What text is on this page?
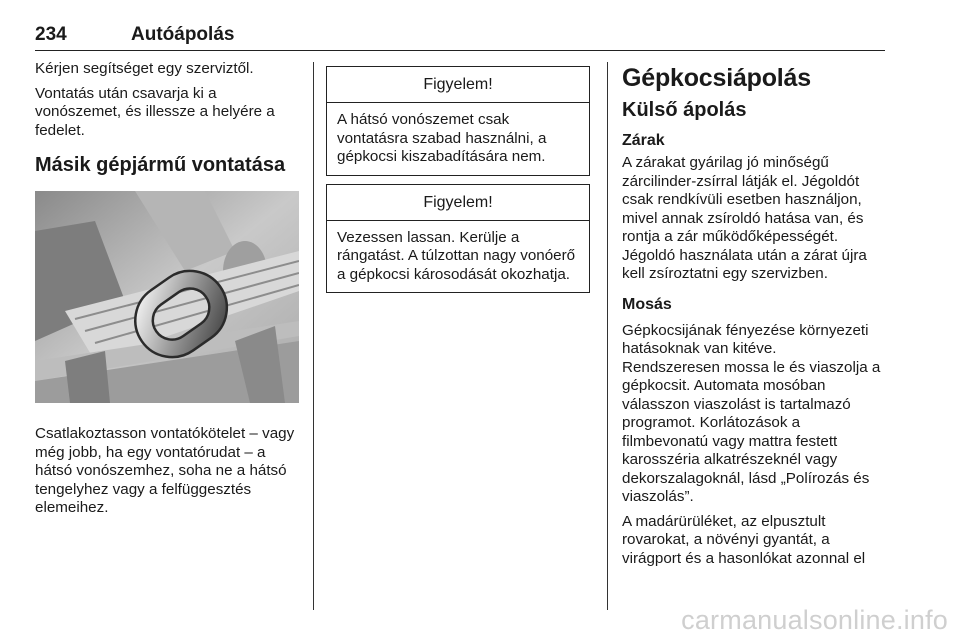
234	Autóápolás

Kérjen segítséget egy szerviztől.

Vontatás után csavarja ki a vonószemet, és illessze a helyére a fedelet.

Másik gépjármű vontatása

Csatlakoztasson vontatókötelet – vagy még jobb, ha egy vontatórudat – a hátsó vonószemhez, soha ne a hátsó tengelyhez vagy a felfüggesztés elemeihez.

Figyelem!

A hátsó vonószemet csak vontatásra szabad használni, a gépkocsi kiszabadítására nem.

Figyelem!

Vezessen lassan. Kerülje a rángatást. A túlzottan nagy vonóerő a gépkocsi károsodását okozhatja.

Gépkocsiápolás
Külső ápolás
Zárak

A zárakat gyárilag jó minőségű zárcilinder-zsírral látják el. Jégoldót csak rendkívüli esetben használjon, mivel annak zsíroldó hatása van, és rontja a zár működőképességét. Jégoldó használata után a zárat újra kell zsíroztatni egy szervizben.

Mosás

Gépkocsijának fényezése környezeti hatásoknak van kitéve.

Rendszeresen mossa le és viaszolja a gépkocsit. Automata mosóban válasszon viaszolást is tartalmazó programot. Korlátozások a filmbevonatú vagy mattra festett karosszéria alkatrészeknél vagy dekorszalagoknál, lásd „Polírozás és viaszolás”.

A madárürüléket, az elpusztult rovarokat, a növényi gyantát, a virágport és a hasonlókat azonnal el

carmanualsonline.info
